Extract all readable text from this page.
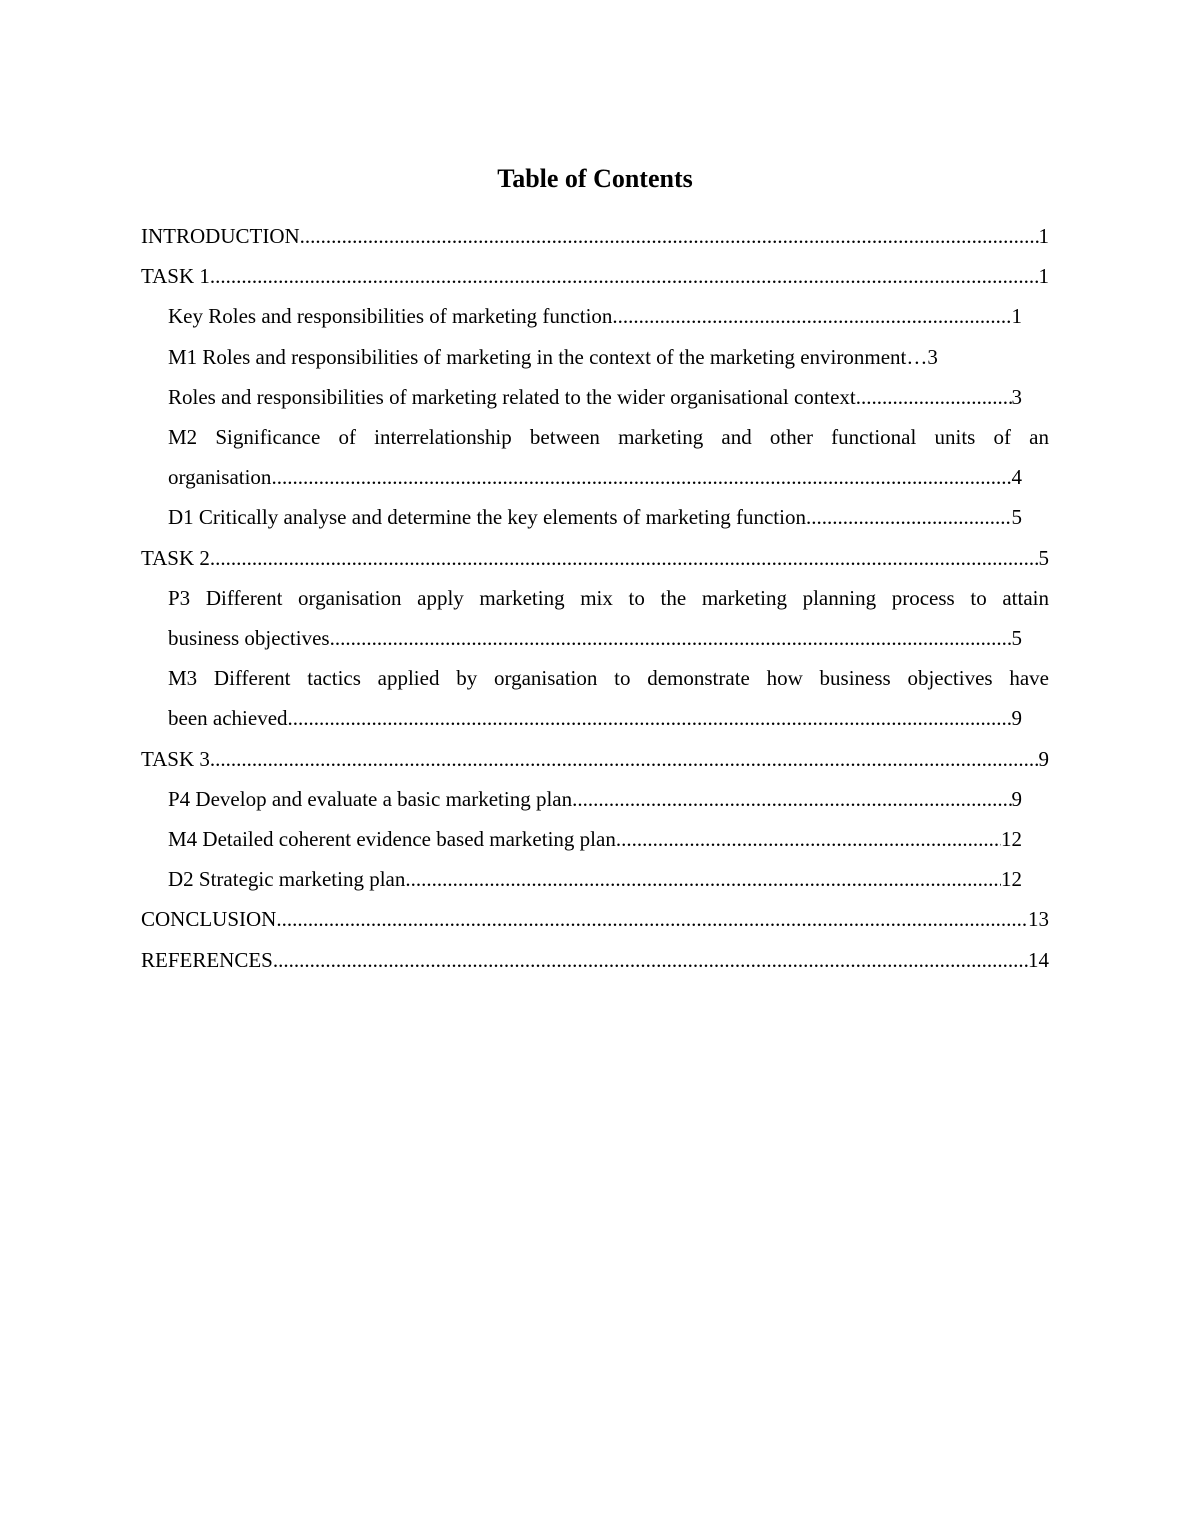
Table of Contents
INTRODUCTION .....	1
TASK 1 .....	1
Key Roles and responsibilities of marketing function .....	1
M1 Roles and responsibilities of marketing in the context of the marketing environment… 3
Roles and responsibilities of marketing related to the wider organisational context .....	3
M2 Significance of interrelationship between marketing and other functional units of an
organisation .....	4
D1 Critically analyse and determine the key elements of marketing function .....	5
TASK 2 .....	5
P3 Different organisation apply marketing mix to the marketing planning process to attain
business objectives .....	5
M3 Different tactics applied by organisation to demonstrate how business objectives have
been achieved .....	9
TASK 3 .....	9
P4 Develop and evaluate a basic marketing plan .....	9
M4 Detailed coherent evidence based marketing plan .....	12
D2 Strategic marketing plan .....	12
CONCLUSION .....	13
REFERENCES .....	14
